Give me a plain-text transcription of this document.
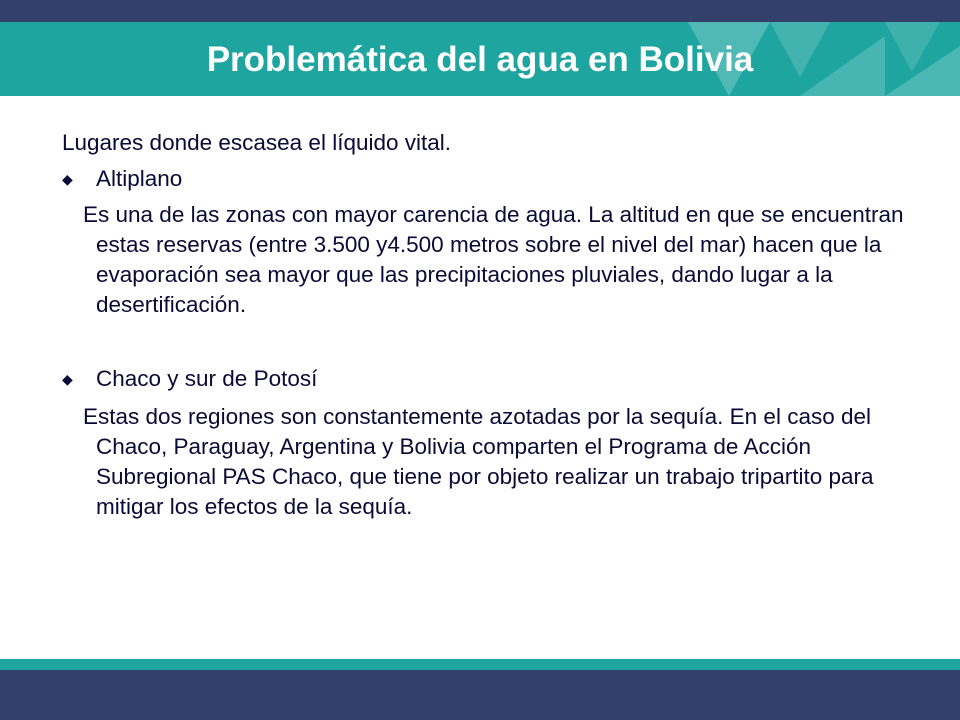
Problemática del agua en Bolivia

Lugares donde escasea el líquido vital.

◆ Altiplano

Es una de las zonas con mayor carencia de agua. La altitud en que se encuentran estas reservas (entre 3.500 y4.500 metros sobre el nivel del mar) hacen que la evaporación sea mayor que las precipitaciones pluviales, dando lugar a la desertificación.

◆ Chaco y sur de Potosí

Estas dos regiones son constantemente azotadas por la sequía. En el caso del Chaco, Paraguay, Argentina y Bolivia comparten el Programa de Acción Subregional PAS Chaco, que tiene por objeto realizar un trabajo tripartito para mitigar los efectos de la sequía.
